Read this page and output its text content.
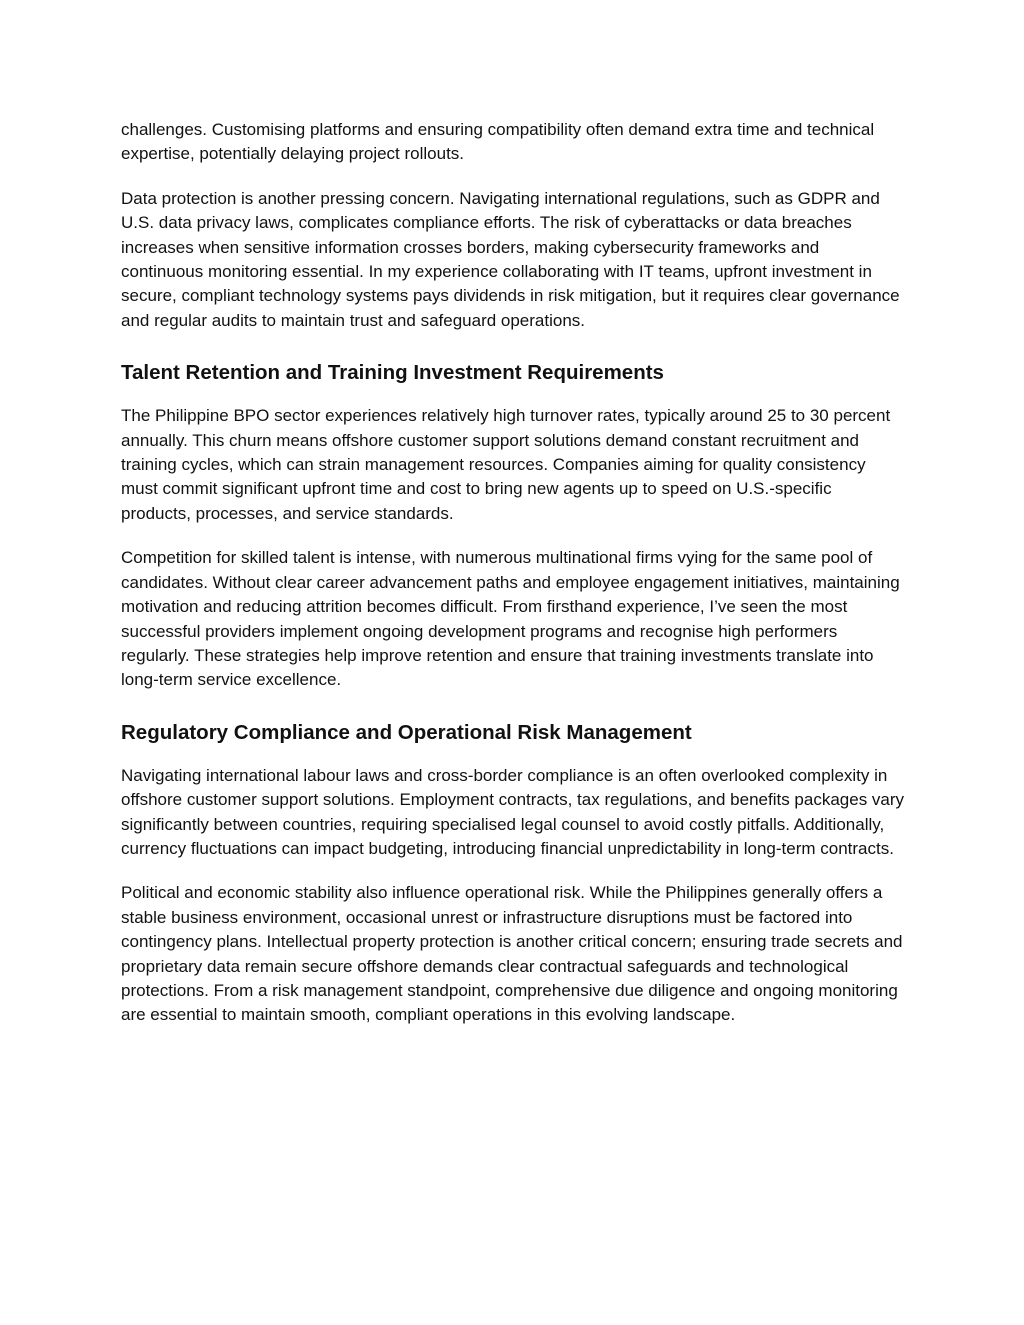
challenges. Customising platforms and ensuring compatibility often demand extra time and technical expertise, potentially delaying project rollouts.

Data protection is another pressing concern. Navigating international regulations, such as GDPR and U.S. data privacy laws, complicates compliance efforts. The risk of cyberattacks or data breaches increases when sensitive information crosses borders, making cybersecurity frameworks and continuous monitoring essential. In my experience collaborating with IT teams, upfront investment in secure, compliant technology systems pays dividends in risk mitigation, but it requires clear governance and regular audits to maintain trust and safeguard operations.

Talent Retention and Training Investment Requirements

The Philippine BPO sector experiences relatively high turnover rates, typically around 25 to 30 percent annually. This churn means offshore customer support solutions demand constant recruitment and training cycles, which can strain management resources. Companies aiming for quality consistency must commit significant upfront time and cost to bring new agents up to speed on U.S.-specific products, processes, and service standards.

Competition for skilled talent is intense, with numerous multinational firms vying for the same pool of candidates. Without clear career advancement paths and employee engagement initiatives, maintaining motivation and reducing attrition becomes difficult. From firsthand experience, I’ve seen the most successful providers implement ongoing development programs and recognise high performers regularly. These strategies help improve retention and ensure that training investments translate into long-term service excellence.

Regulatory Compliance and Operational Risk Management

Navigating international labour laws and cross-border compliance is an often overlooked complexity in offshore customer support solutions. Employment contracts, tax regulations, and benefits packages vary significantly between countries, requiring specialised legal counsel to avoid costly pitfalls. Additionally, currency fluctuations can impact budgeting, introducing financial unpredictability in long-term contracts.

Political and economic stability also influence operational risk. While the Philippines generally offers a stable business environment, occasional unrest or infrastructure disruptions must be factored into contingency plans. Intellectual property protection is another critical concern; ensuring trade secrets and proprietary data remain secure offshore demands clear contractual safeguards and technological protections. From a risk management standpoint, comprehensive due diligence and ongoing monitoring are essential to maintain smooth, compliant operations in this evolving landscape.
